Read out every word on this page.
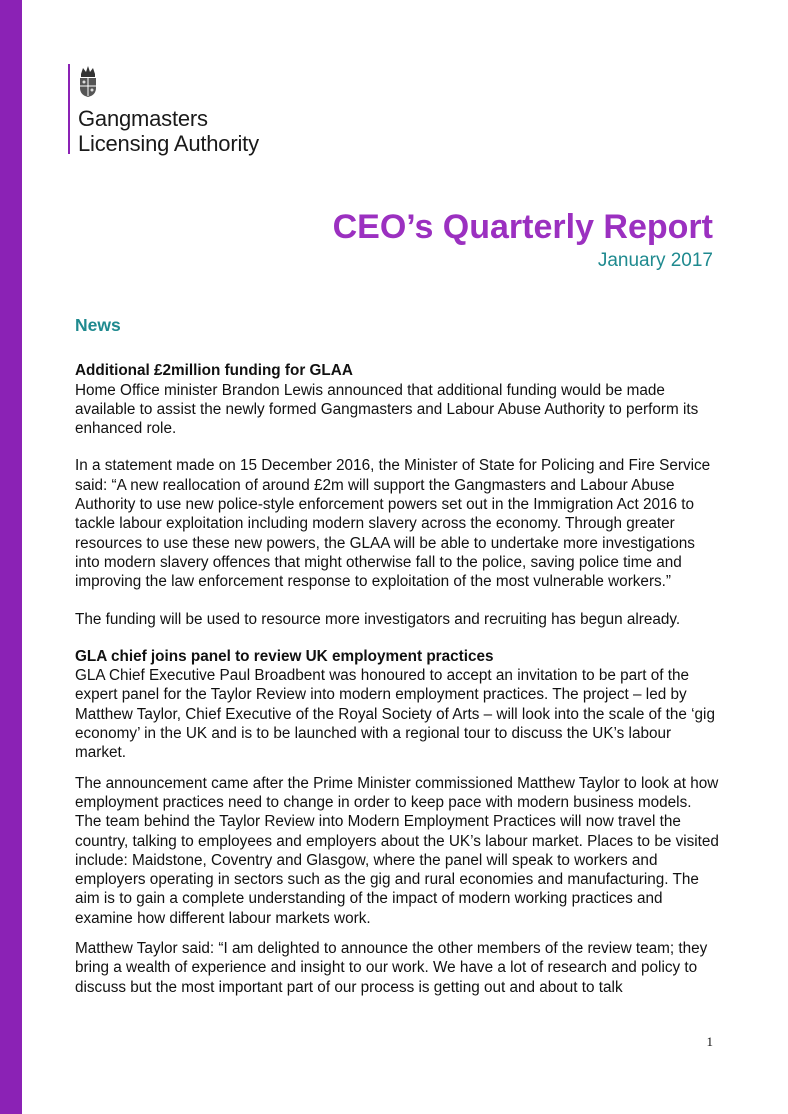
Gangmasters
Licensing Authority
CEO’s Quarterly Report
January 2017
News
Additional £2million funding for GLAA

Home Office minister Brandon Lewis announced that additional funding would be made available to assist the newly formed Gangmasters and Labour Abuse Authority to perform its enhanced role.

In a statement made on 15 December 2016, the Minister of State for Policing and Fire Service said: “A new reallocation of around £2m will support the Gangmasters and Labour Abuse Authority to use new police-style enforcement powers set out in the Immigration Act 2016 to tackle labour exploitation including modern slavery across the economy. Through greater resources to use these new powers, the GLAA will be able to undertake more investigations into modern slavery offences that might otherwise fall to the police, saving police time and improving the law enforcement response to exploitation of the most vulnerable workers.”

The funding will be used to resource more investigators and recruiting has begun already.

GLA chief joins panel to review UK employment practices

GLA Chief Executive Paul Broadbent was honoured to accept an invitation to be part of the expert panel for the Taylor Review into modern employment practices. The project – led by Matthew Taylor, Chief Executive of the Royal Society of Arts – will look into the scale of the ‘gig economy’ in the UK and is to be launched with a regional tour to discuss the UK’s labour market.

The announcement came after the Prime Minister commissioned Matthew Taylor to look at how employment practices need to change in order to keep pace with modern business models. The team behind the Taylor Review into Modern Employment Practices will now travel the country, talking to employees and employers about the UK’s labour market. Places to be visited include: Maidstone, Coventry and Glasgow, where the panel will speak to workers and employers operating in sectors such as the gig and rural economies and manufacturing. The aim is to gain a complete understanding of the impact of modern working practices and examine how different labour markets work.

Matthew Taylor said: “I am delighted to announce the other members of the review team; they bring a wealth of experience and insight to our work. We have a lot of research and policy to discuss but the most important part of our process is getting out and about to talk

1
